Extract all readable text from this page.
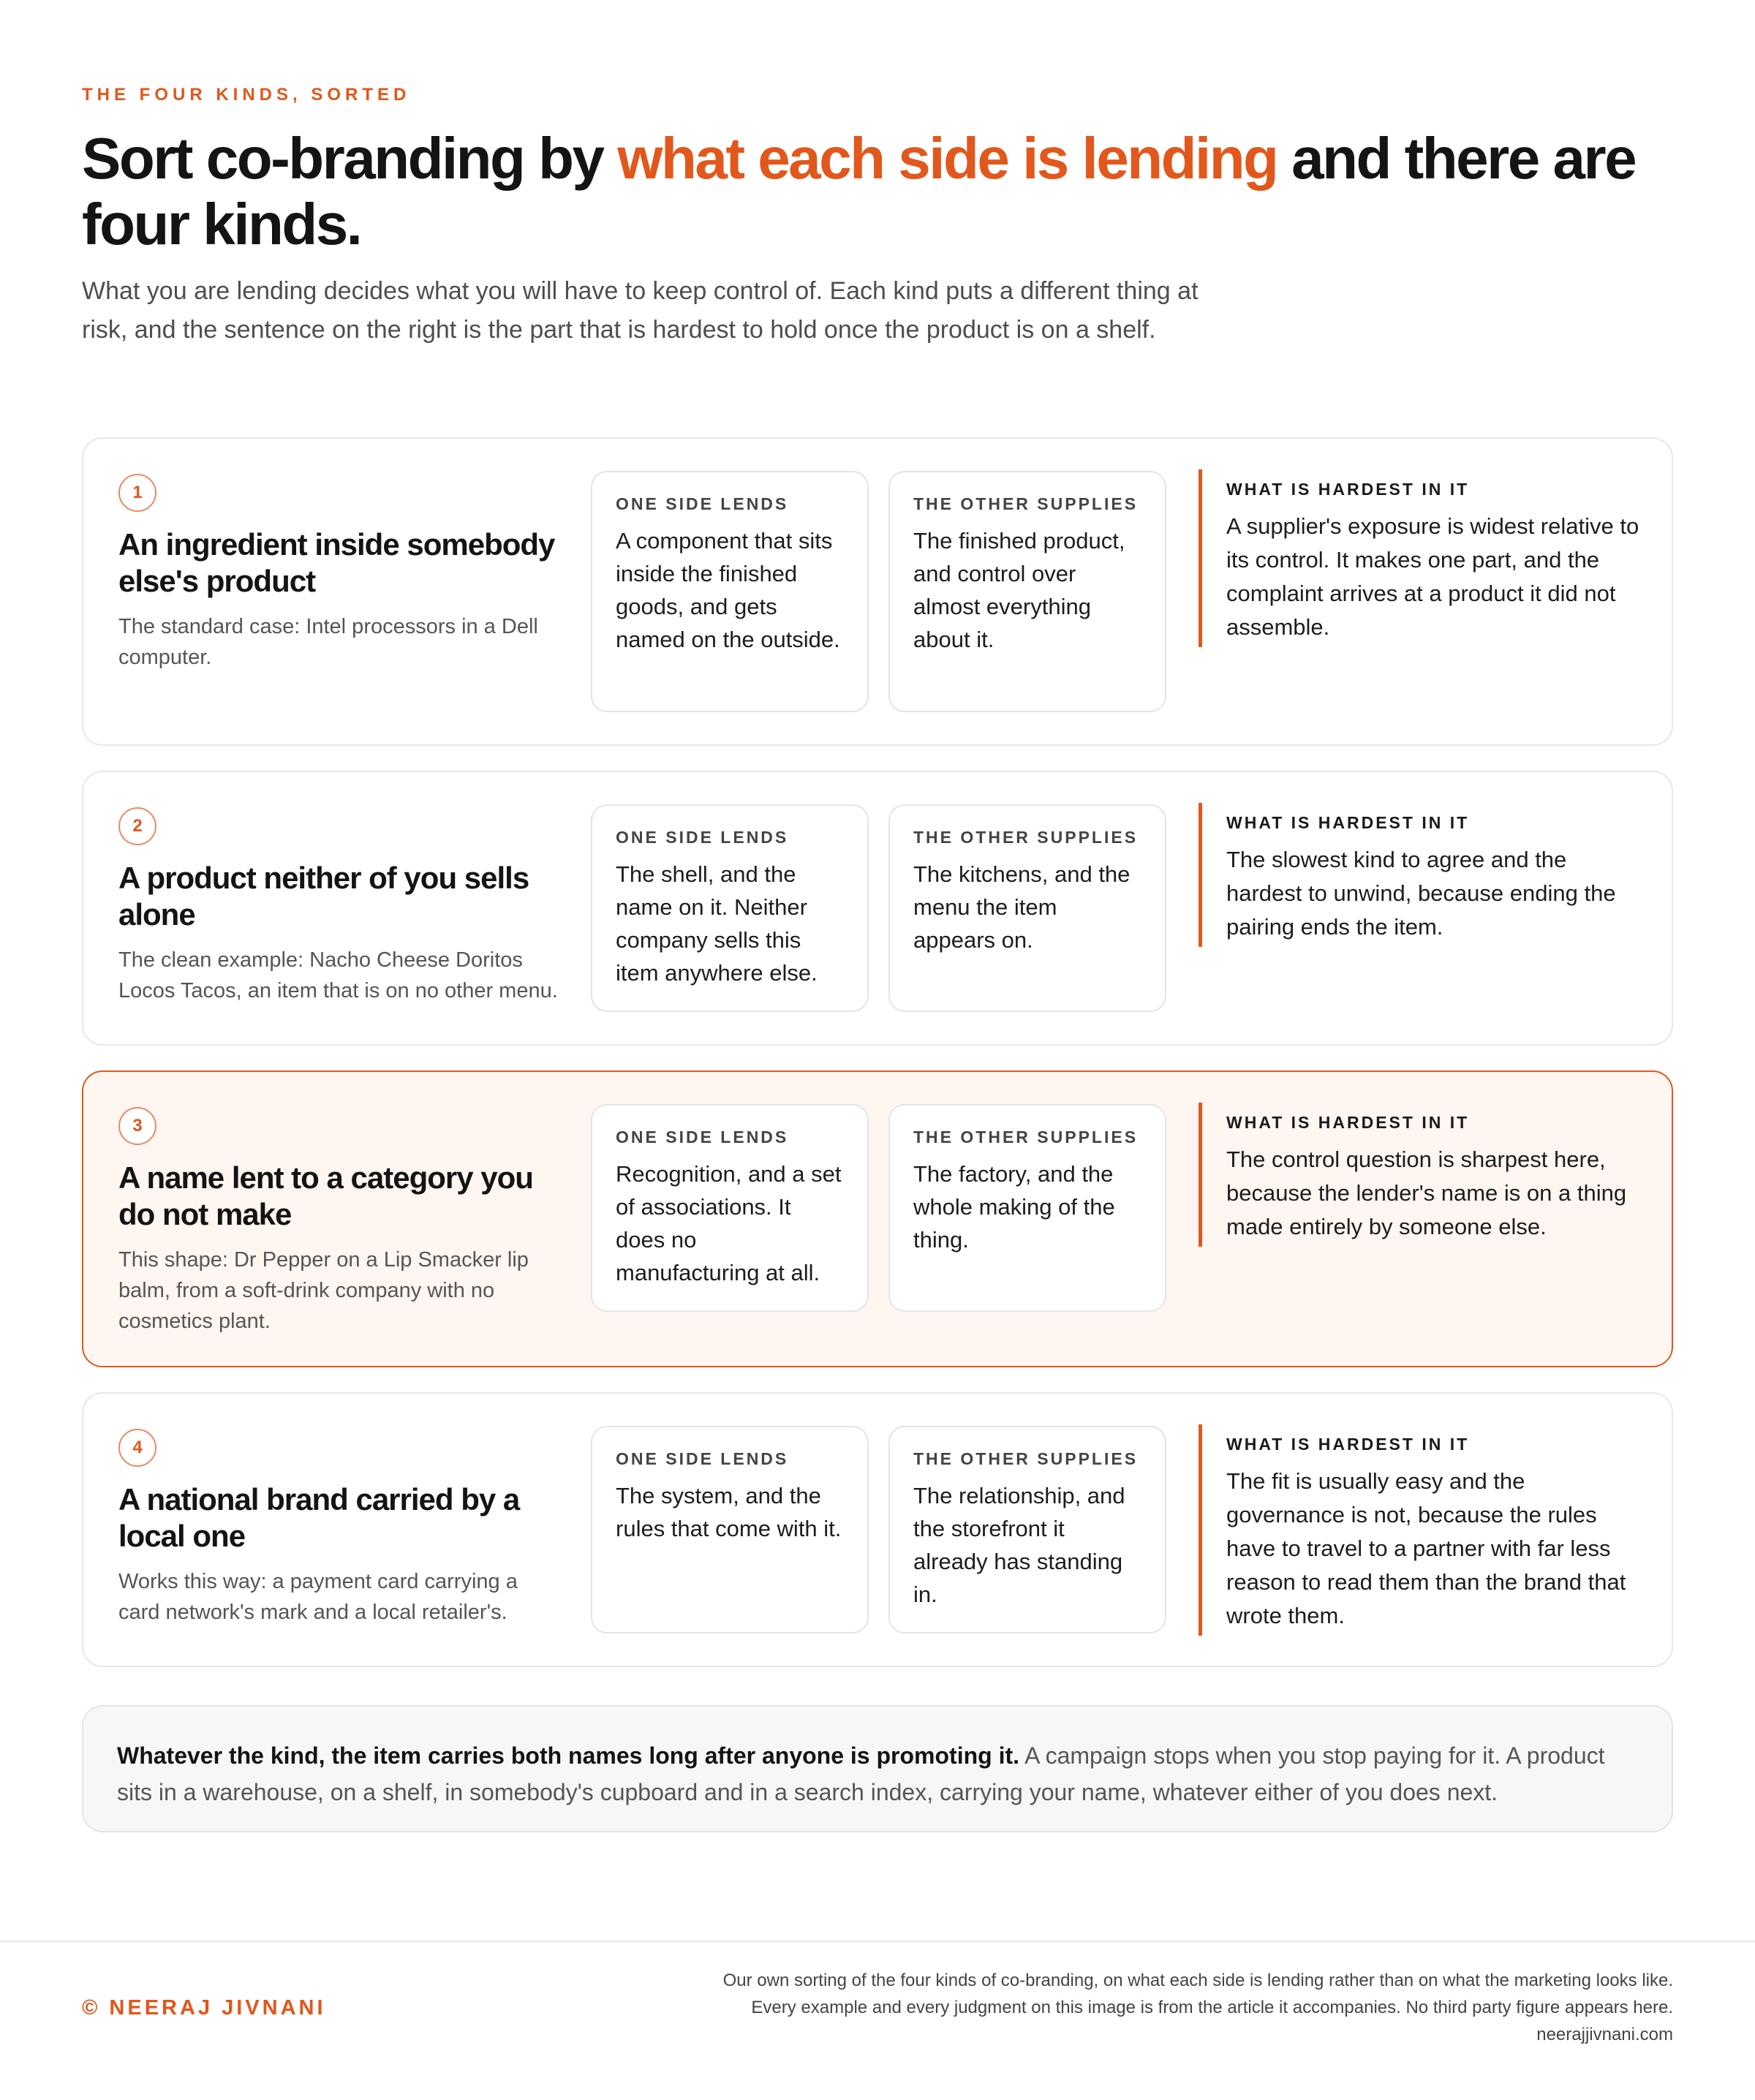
THE FOUR KINDS, SORTED
Sort co-branding by what each side is lending and there are four kinds.

What you are lending decides what you will have to keep control of. Each kind puts a different thing at risk, and the sentence on the right is the part that is hardest to hold once the product is on a shelf.

1
An ingredient inside somebody else's product

The standard case: Intel processors in a Dell computer.

ONE SIDE LENDS
A component that sits inside the finished goods, and gets named on the outside.
THE OTHER SUPPLIES
The finished product, and control over almost everything about it.
WHAT IS HARDEST IN IT
A supplier's exposure is widest relative to its control. It makes one part, and the complaint arrives at a product it did not assemble.
2
A product neither of you sells alone

The clean example: Nacho Cheese Doritos Locos Tacos, an item that is on no other menu.

ONE SIDE LENDS
The shell, and the name on it. Neither company sells this item anywhere else.
THE OTHER SUPPLIES
The kitchens, and the menu the item appears on.
WHAT IS HARDEST IN IT
The slowest kind to agree and the hardest to unwind, because ending the pairing ends the item.
3
A name lent to a category you do not make

This shape: Dr Pepper on a Lip Smacker lip balm, from a soft-drink company with no cosmetics plant.

ONE SIDE LENDS
Recognition, and a set of associations. It does no manufacturing at all.
THE OTHER SUPPLIES
The factory, and the whole making of the thing.
WHAT IS HARDEST IN IT
The control question is sharpest here, because the lender's name is on a thing made entirely by someone else.
4
A national brand carried by a local one

Works this way: a payment card carrying a card network's mark and a local retailer's.

ONE SIDE LENDS
The system, and the rules that come with it.
THE OTHER SUPPLIES
The relationship, and the storefront it already has standing in.
WHAT IS HARDEST IN IT
The fit is usually easy and the governance is not, because the rules have to travel to a partner with far less reason to read them than the brand that wrote them.

Whatever the kind, the item carries both names long after anyone is promoting it. A campaign stops when you stop paying for it. A product sits in a warehouse, on a shelf, in somebody's cupboard and in a search index, carrying your name, whatever either of you does next.

© NEERAJ JIVNANI
Our own sorting of the four kinds of co-branding, on what each side is lending rather than on what the marketing looks like.
Every example and every judgment on this image is from the article it accompanies. No third party figure appears here.
neerajjivnani.com
